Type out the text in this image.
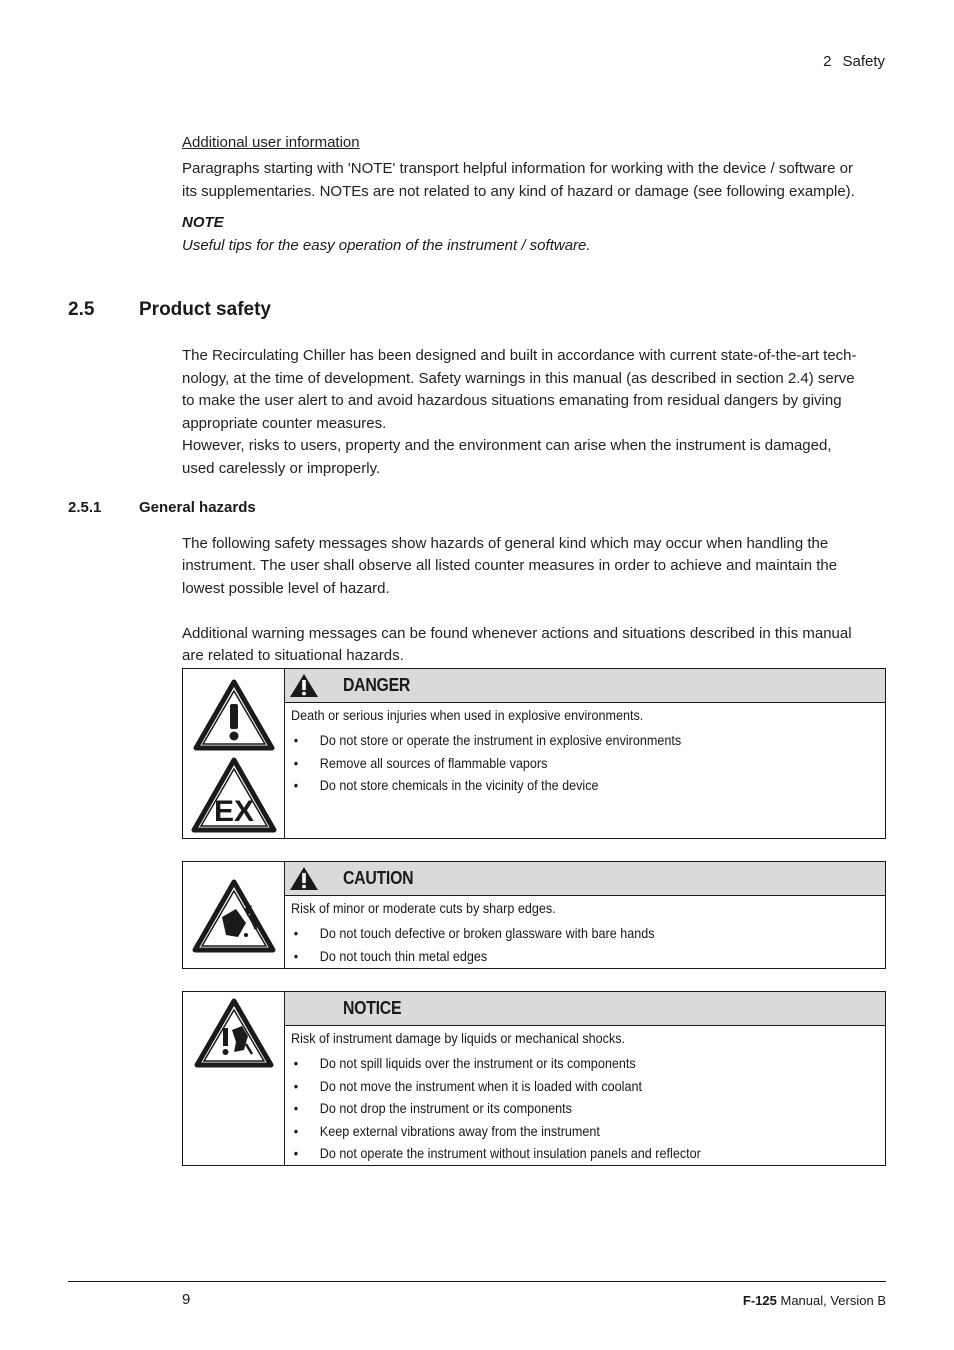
2 Safety
Additional user information
Paragraphs starting with 'NOTE' transport helpful information for working with the device / software or
its supplementaries. NOTEs are not related to any kind of hazard or damage (see following example).
NOTE
Useful tips for the easy operation of the instrument / software.
2.5 Product safety
The Recirculating Chiller has been designed and built in accordance with current state-of-the-art tech-
nology, at the time of development. Safety warnings in this manual (as described in section 2.4) serve
to make the user alert to and avoid hazardous situations emanating from residual dangers by giving
appropriate counter measures.
However, risks to users, property and the environment can arise when the instrument is damaged,
used carelessly or improperly.
2.5.1	General hazards
The following safety messages show hazards of general kind which may occur when handling the
instrument. The user shall observe all listed counter measures in order to achieve and maintain the
lowest possible level of hazard.
Additional warning messages can be found whenever actions and situations described in this manual
are related to situational hazards.
EX
DANGER
Death or serious injuries when used in explosive environments.
• Do not store or operate the instrument in explosive environments
• Remove all sources of flammable vapors
• Do not store chemicals in the vicinity of the device
CAUTION
Risk of minor or moderate cuts by sharp edges.
• Do not touch defective or broken glassware with bare hands
• Do not touch thin metal edges
NOTICE
Risk of instrument damage by liquids or mechanical shocks.
• Do not spill liquids over the instrument or its components
• Do not move the instrument when it is loaded with coolant
• Do not drop the instrument or its components
• Keep external vibrations away from the instrument
• Do not operate the instrument without insulation panels and reflector
9	F-125 Manual, Version B
